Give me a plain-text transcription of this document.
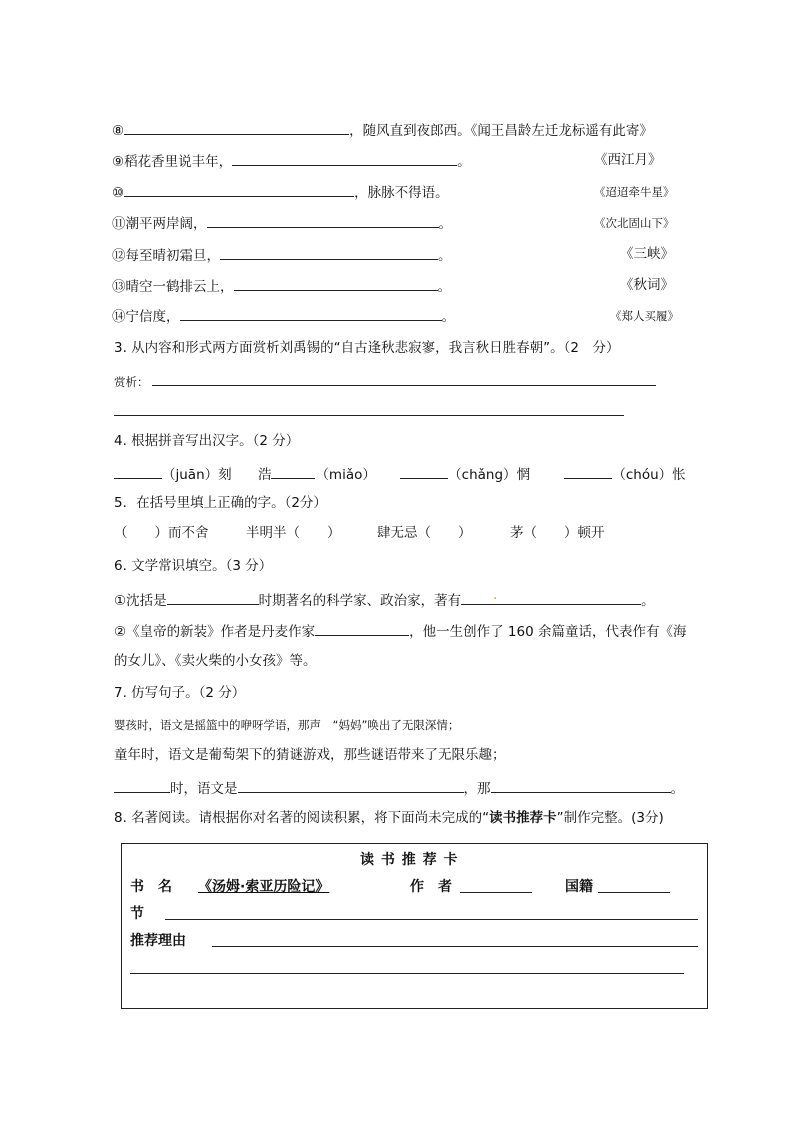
⑧	，随风直到夜郎西。《闻王昌龄左迁龙标遥有此寄》
⑨稻花香里说丰年，	。	《西江月》
⑩	，脉脉不得语。	《迢迢牵牛星》
⑪潮平两岸阔，	。	《次北固山下》
⑫每至晴初霜旦，	。	《三峡》
⑬晴空一鹤排云上，	。	《秋词》
⑭宁信度，	。	《郑人买履》
3. 从内容和形式两方面赏析刘禹锡的“自古逢秋悲寂寥，我言秋日胜春朝”。（2　分）
赏析：
4. 根据拼音写出汉字。（2 分）
（juān）刻 浩	（miǎo）	（chǎng）惘	（chóu）怅
5．在括号里填上正确的字。（2分）
（　　）而不舍	半明半（　　）	肆无忌（　　）	茅（　　）顿开
6. 文学常识填空。（3 分）
①沈括是	时期著名的科学家、政治家，著有 .	。
②《皇帝的新装》作者是丹麦作家	，他一生创作了 160 余篇童话，代表作有《海
的女儿》、《卖火柴的小女孩》等。
7. 仿写句子。（2 分）
婴孩时，语文是摇篮中的咿呀学语，那声　“妈妈”唤出了无限深情；
童年时，语文是葡萄架下的猜谜游戏，那些谜语带来了无限乐趣；
时，语文是	，那	。
8. 名著阅读。请根据你对名著的阅读积累，将下面尚未完成的“读书推荐卡”制作完整。(3分)
读 书 推 荐 卡
书　名 《汤姆·索亚历险记》	作　者	国籍
节
推荐理由
